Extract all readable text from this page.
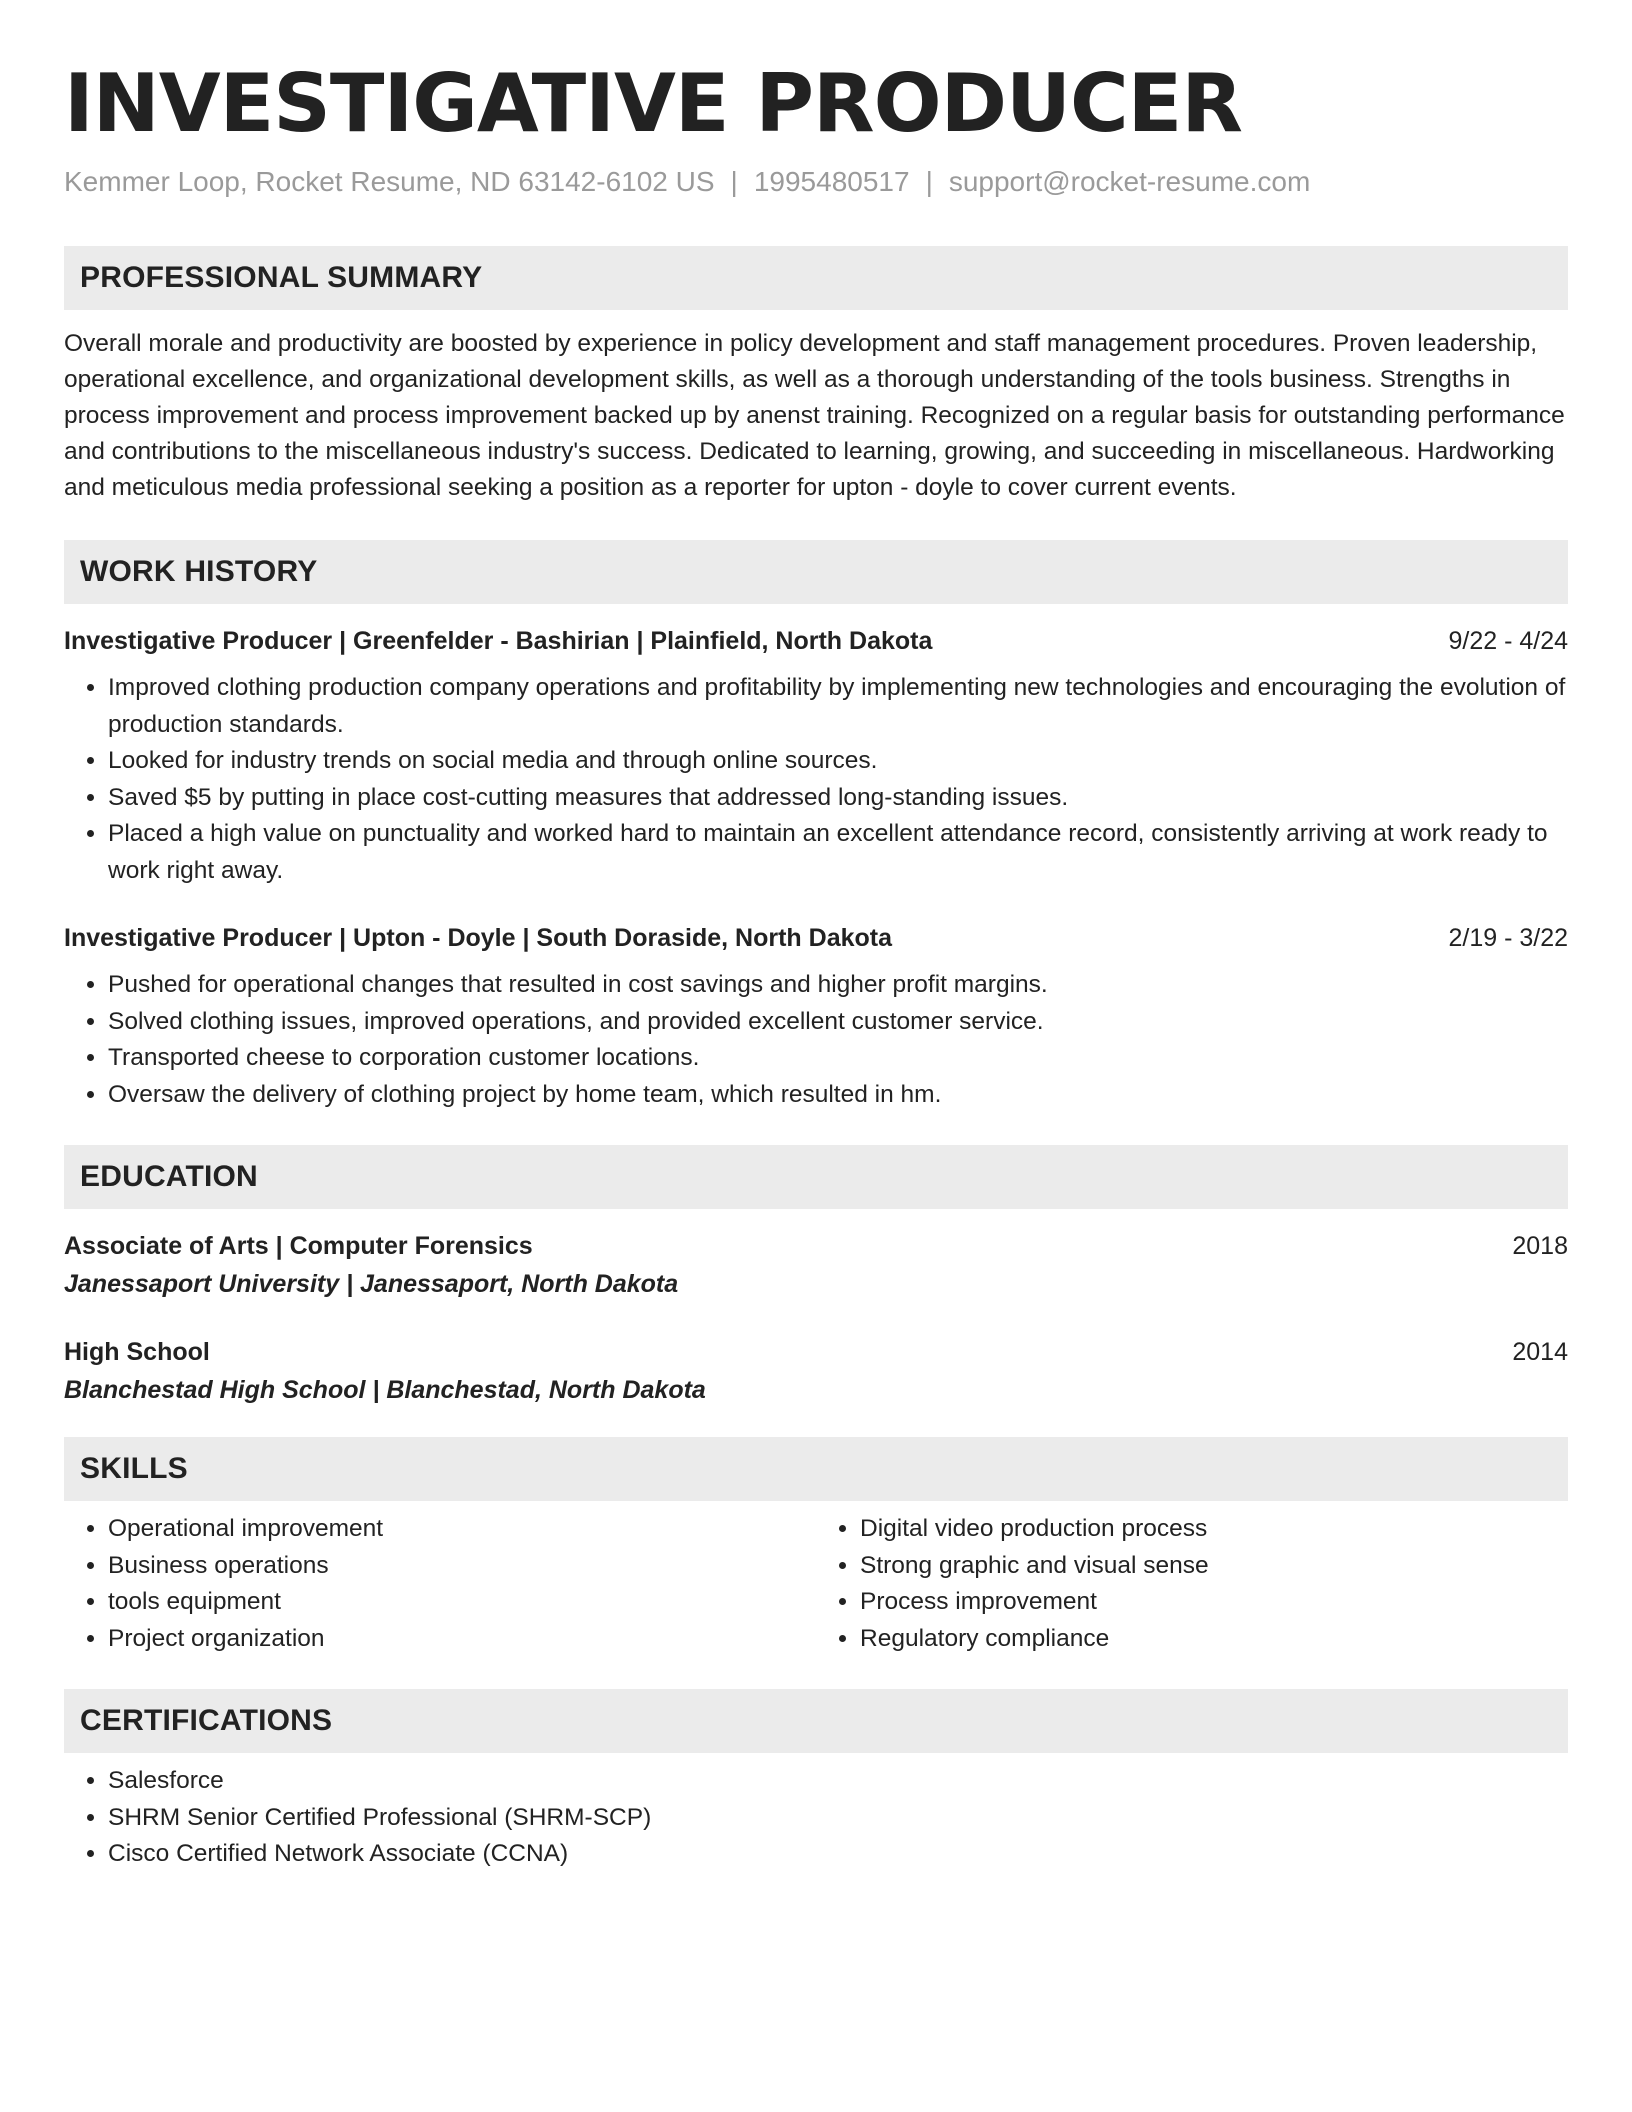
INVESTIGATIVE PRODUCER
Kemmer Loop, Rocket Resume, ND 63142-6102 US | 1995480517 | support@rocket-resume.com
PROFESSIONAL SUMMARY
Overall morale and productivity are boosted by experience in policy development and staff management procedures. Proven leadership, operational excellence, and organizational development skills, as well as a thorough understanding of the tools business. Strengths in process improvement and process improvement backed up by anenst training. Recognized on a regular basis for outstanding performance and contributions to the miscellaneous industry's success. Dedicated to learning, growing, and succeeding in miscellaneous. Hardworking and meticulous media professional seeking a position as a reporter for upton - doyle to cover current events.
WORK HISTORY
Investigative Producer | Greenfelder - Bashirian | Plainfield, North Dakota	9/22 - 4/24
• Improved clothing production company operations and profitability by implementing new technologies and encouraging the evolution of production standards.
• Looked for industry trends on social media and through online sources.
• Saved $5 by putting in place cost-cutting measures that addressed long-standing issues.
• Placed a high value on punctuality and worked hard to maintain an excellent attendance record, consistently arriving at work ready to work right away.
Investigative Producer | Upton - Doyle | South Doraside, North Dakota	2/19 - 3/22
• Pushed for operational changes that resulted in cost savings and higher profit margins.
• Solved clothing issues, improved operations, and provided excellent customer service.
• Transported cheese to corporation customer locations.
• Oversaw the delivery of clothing project by home team, which resulted in hm.
EDUCATION
Associate of Arts | Computer Forensics	2018
Janessaport University | Janessaport, North Dakota
High School	2014
Blanchestad High School | Blanchestad, North Dakota
SKILLS
• Operational improvement
• Business operations
• tools equipment
• Project organization
• Digital video production process
• Strong graphic and visual sense
• Process improvement
• Regulatory compliance
CERTIFICATIONS
• Salesforce
• SHRM Senior Certified Professional (SHRM-SCP)
• Cisco Certified Network Associate (CCNA)
